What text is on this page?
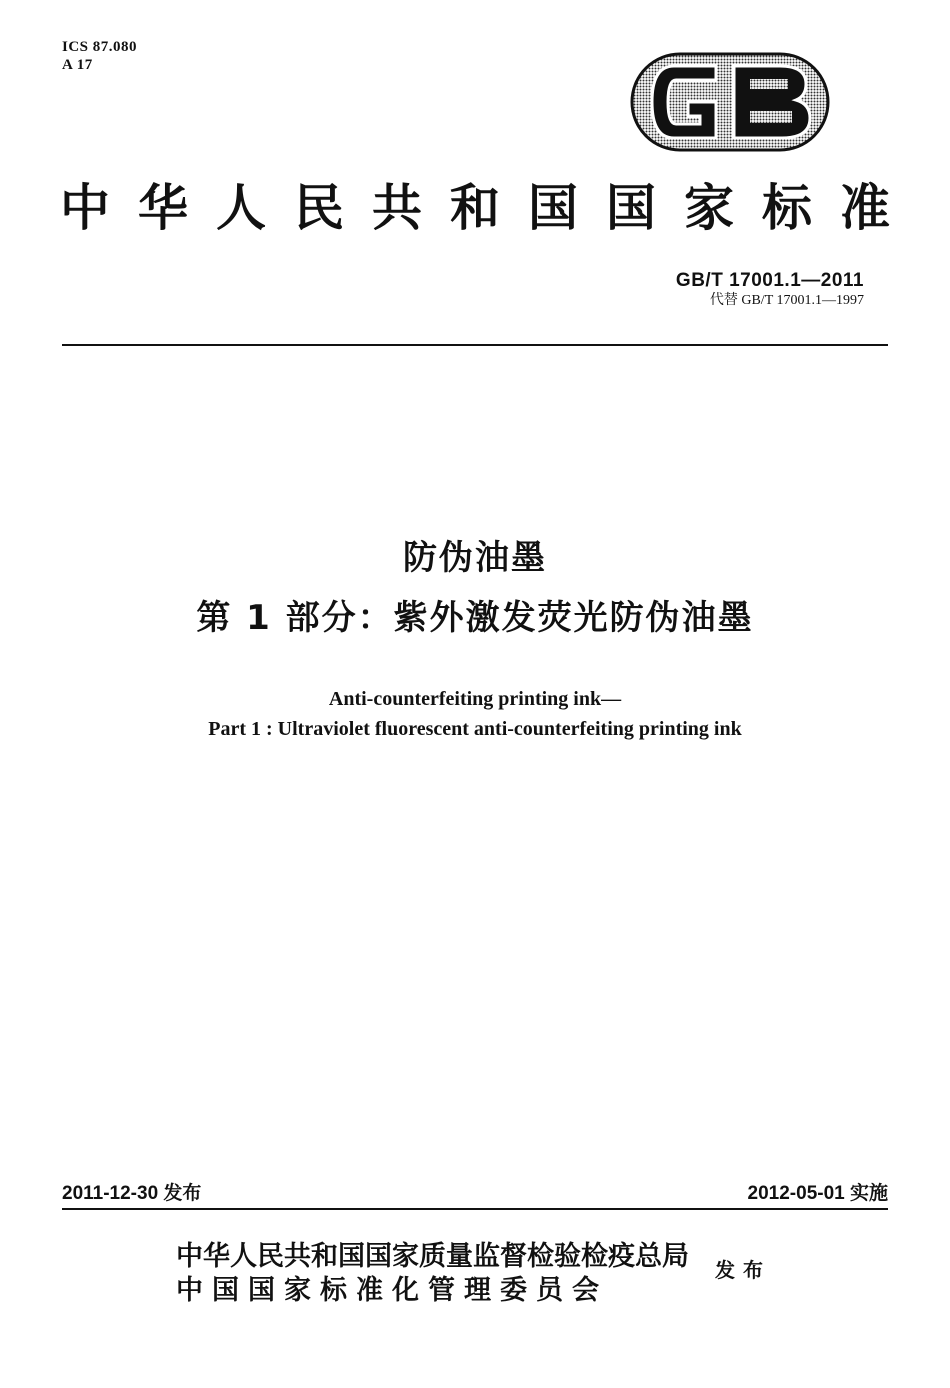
ICS 87.080
A 17
中 华 人 民 共 和 国 国 家 标 准
GB/T 17001.1—2011
代替 GB/T 17001.1—1997
防伪油墨
第 1 部分：紫外激发荧光防伪油墨
Anti-counterfeiting printing ink—
Part 1 : Ultraviolet fluorescent anti-counterfeiting printing ink
2011-12-30 发布	2012-05-01 实施
中华人民共和国国家质量监督检验检疫总局
中国国家标准化管理委员会
发布
